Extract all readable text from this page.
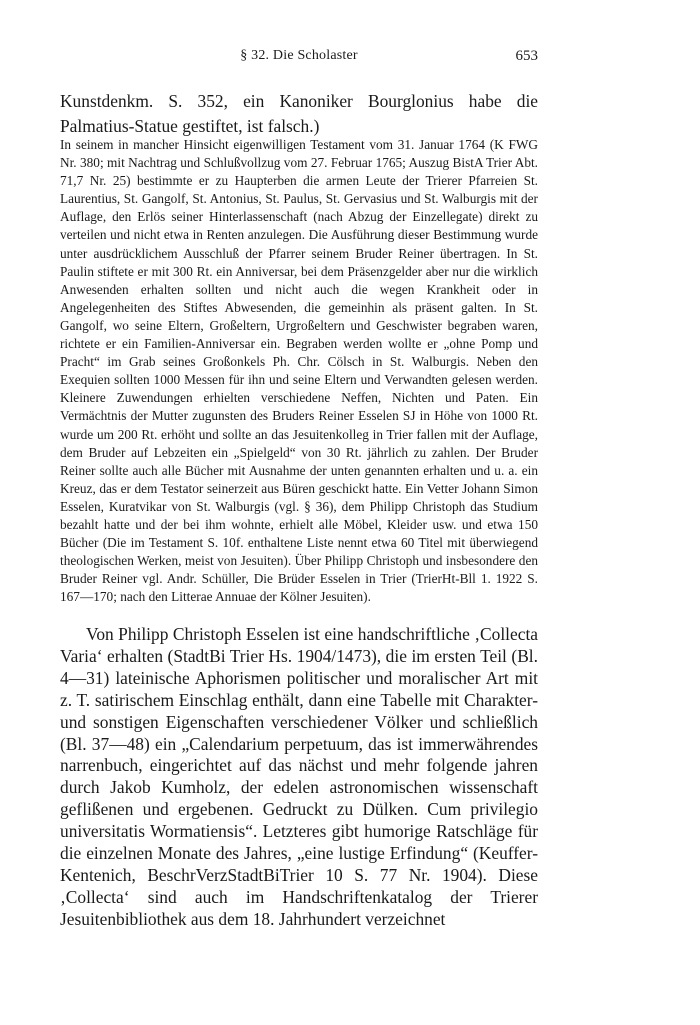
§ 32. Die Scholaster	653

Kunstdenkm. S. 352, ein Kanoniker Bourglonius habe die Palmatius-Statue gestiftet, ist falsch.)

In seinem in mancher Hinsicht eigenwilligen Testament vom 31. Januar 1764 (K FWG Nr. 380; mit Nachtrag und Schlußvollzug vom 27. Februar 1765; Auszug BistA Trier Abt. 71,7 Nr. 25) bestimmte er zu Haupterben die armen Leute der Trierer Pfarreien St. Laurentius, St. Gangolf, St. Antonius, St. Paulus, St. Gervasius und St. Walburgis mit der Auflage, den Erlös seiner Hinterlassenschaft (nach Abzug der Einzellegate) direkt zu verteilen und nicht etwa in Renten anzulegen. Die Ausführung dieser Bestimmung wurde unter ausdrücklichem Ausschluß der Pfarrer seinem Bruder Reiner übertragen. In St. Paulin stiftete er mit 300 Rt. ein Anniversar, bei dem Präsenzgelder aber nur die wirklich Anwesenden erhalten sollten und nicht auch die wegen Krankheit oder in Angelegenheiten des Stiftes Abwesenden, die gemeinhin als präsent galten. In St. Gangolf, wo seine Eltern, Großeltern, Urgroßeltern und Geschwister begraben waren, richtete er ein Familien-Anniversar ein. Begraben werden wollte er „ohne Pomp und Pracht“ im Grab seines Großonkels Ph. Chr. Cölsch in St. Walburgis. Neben den Exequien sollten 1000 Messen für ihn und seine Eltern und Verwandten gelesen werden. Kleinere Zuwendungen erhielten verschiedene Neffen, Nichten und Paten. Ein Vermächtnis der Mutter zugunsten des Bruders Reiner Esselen SJ in Höhe von 1000 Rt. wurde um 200 Rt. erhöht und sollte an das Jesuitenkolleg in Trier fallen mit der Auflage, dem Bruder auf Lebzeiten ein „Spielgeld“ von 30 Rt. jährlich zu zahlen. Der Bruder Reiner sollte auch alle Bücher mit Ausnahme der unten genannten erhalten und u. a. ein Kreuz, das er dem Testator seinerzeit aus Büren geschickt hatte. Ein Vetter Johann Simon Esselen, Kuratvikar von St. Walburgis (vgl. § 36), dem Philipp Christoph das Studium bezahlt hatte und der bei ihm wohnte, erhielt alle Möbel, Kleider usw. und etwa 150 Bücher (Die im Testament S. 10f. enthaltene Liste nennt etwa 60 Titel mit überwiegend theologischen Werken, meist von Jesuiten). Über Philipp Christoph und insbesondere den Bruder Reiner vgl. Andr. Schüller, Die Brüder Esselen in Trier (TrierHt-Bll 1. 1922 S. 167—170; nach den Litterae Annuae der Kölner Jesuiten).

Von Philipp Christoph Esselen ist eine handschriftliche ‚Collecta Varia‘ erhalten (StadtBi Trier Hs. 1904/1473), die im ersten Teil (Bl. 4—31) lateinische Aphorismen politischer und moralischer Art mit z. T. satirischem Einschlag enthält, dann eine Tabelle mit Charakter- und sonstigen Eigenschaften verschiedener Völker und schließlich (Bl. 37—48) ein „Calendarium perpetuum, das ist immerwährendes narrenbuch, eingerichtet auf das nächst und mehr folgende jahren durch Jakob Kumholz, der edelen astronomischen wissenschaft geflißenen und ergebenen. Gedruckt zu Dülken. Cum privilegio universitatis Wormatiensis“. Letzteres gibt humorige Ratschläge für die einzelnen Monate des Jahres, „eine lustige Erfindung“ (Keuffer-Kentenich, BeschrVerzStadtBiTrier 10 S. 77 Nr. 1904). Diese ‚Collecta‘ sind auch im Handschriftenkatalog der Trierer Jesuitenbibliothek aus dem 18. Jahrhundert verzeichnet
